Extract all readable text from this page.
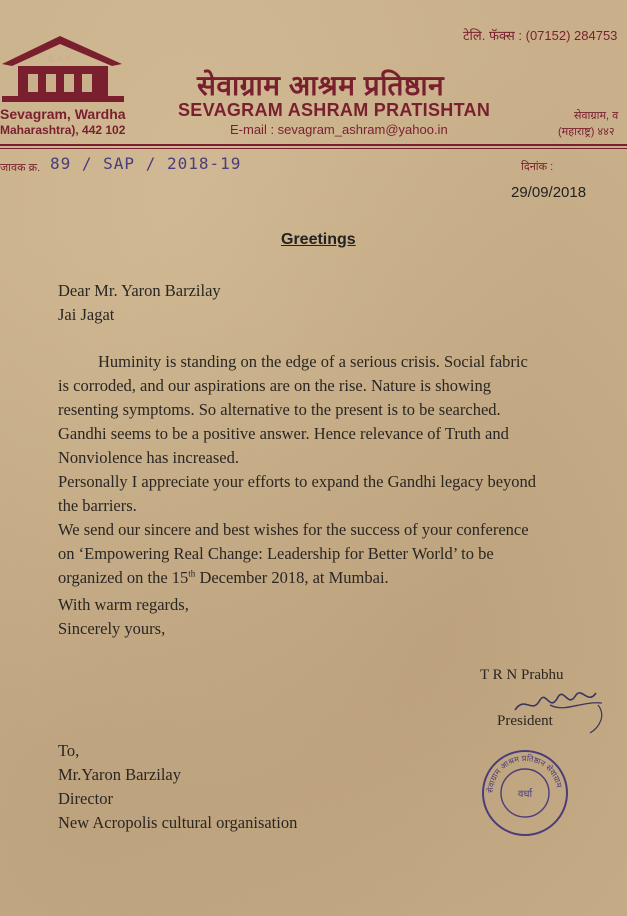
टेलि. फॅक्स : (07152) 284753
S.A.P.
Sevagram, Wardha
Maharashtra), 442 102
सेवाग्राम आश्रम प्रतिष्ठान
SEVAGRAM ASHRAM PRATISHTAN
E-mail : sevagram_ashram@yahoo.in
सेवाग्राम, व
(महाराष्ट्र) ४४२
जावक क्र. 89 / SAP / 2018-19	दिनांक :
29/09/2018
Greetings
Dear Mr. Yaron Barzilay
Jai Jagat
Huminity is standing on the edge of a serious crisis. Social fabric
is corroded, and our aspirations are on the rise. Nature is showing
resenting symptoms. So alternative to the present is to be searched.
Gandhi seems to be a positive answer. Hence relevance of Truth and
Nonviolence has increased.
Personally I appreciate your efforts to expand the Gandhi legacy beyond
the barriers.
We send our sincere and best wishes for the success of your conference
on ‘Empowering Real Change: Leadership for Better World’ to be
organized on the 15th December 2018, at Mumbai.
With warm regards,
Sincerely yours,
T R N Prabhu
President
To,
Mr.Yaron Barzilay
Director
New Acropolis cultural organisation
सेवाग्राम आश्रम प्रतिष्ठान सेवाग्राम
वर्धा
